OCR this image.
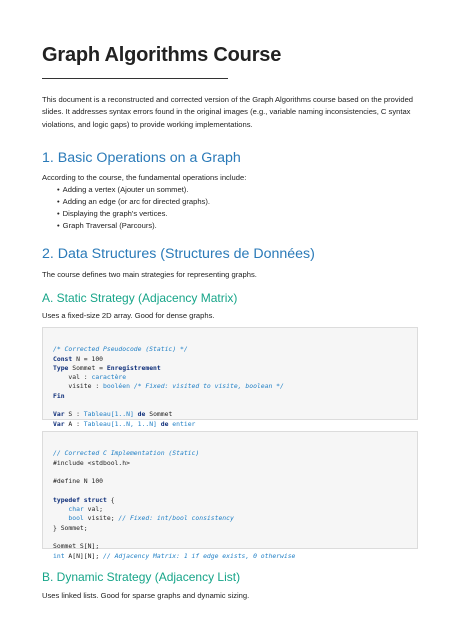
Graph Algorithms Course

This document is a reconstructed and corrected version of the Graph Algorithms course based on the provided slides. It addresses syntax errors found in the original images (e.g., variable naming inconsistencies, C syntax violations, and logic gaps) to provide working implementations.

1. Basic Operations on a Graph

According to the course, the fundamental operations include:

• Adding a vertex (Ajouter un sommet).
• Adding an edge (or arc for directed graphs).
• Displaying the graph's vertices.
• Graph Traversal (Parcours).
2. Data Structures (Structures de Données)

The course defines two main strategies for representing graphs.

A. Static Strategy (Adjacency Matrix)

Uses a fixed-size 2D array. Good for dense graphs.

/* Corrected Pseudocode (Static) */
Const N = 100
Type Sommet = Enregistrement
val : caractère
visite : booléen /* Fixed: visited to visite, boolean */
Fin
Var S : Tableau[1..N] de Sommet
Var A : Tableau[1..N, 1..N] de entier

// Corrected C Implementation (Static)
#include <stdbool.h>
#define N 100
typedef struct {
char val;
bool visite; // Fixed: int/bool consistency
} Sommet;
Sommet S[N];
int A[N][N]; // Adjacency Matrix: 1 if edge exists, 0 otherwise
B. Dynamic Strategy (Adjacency List)

Uses linked lists. Good for sparse graphs and dynamic sizing.
